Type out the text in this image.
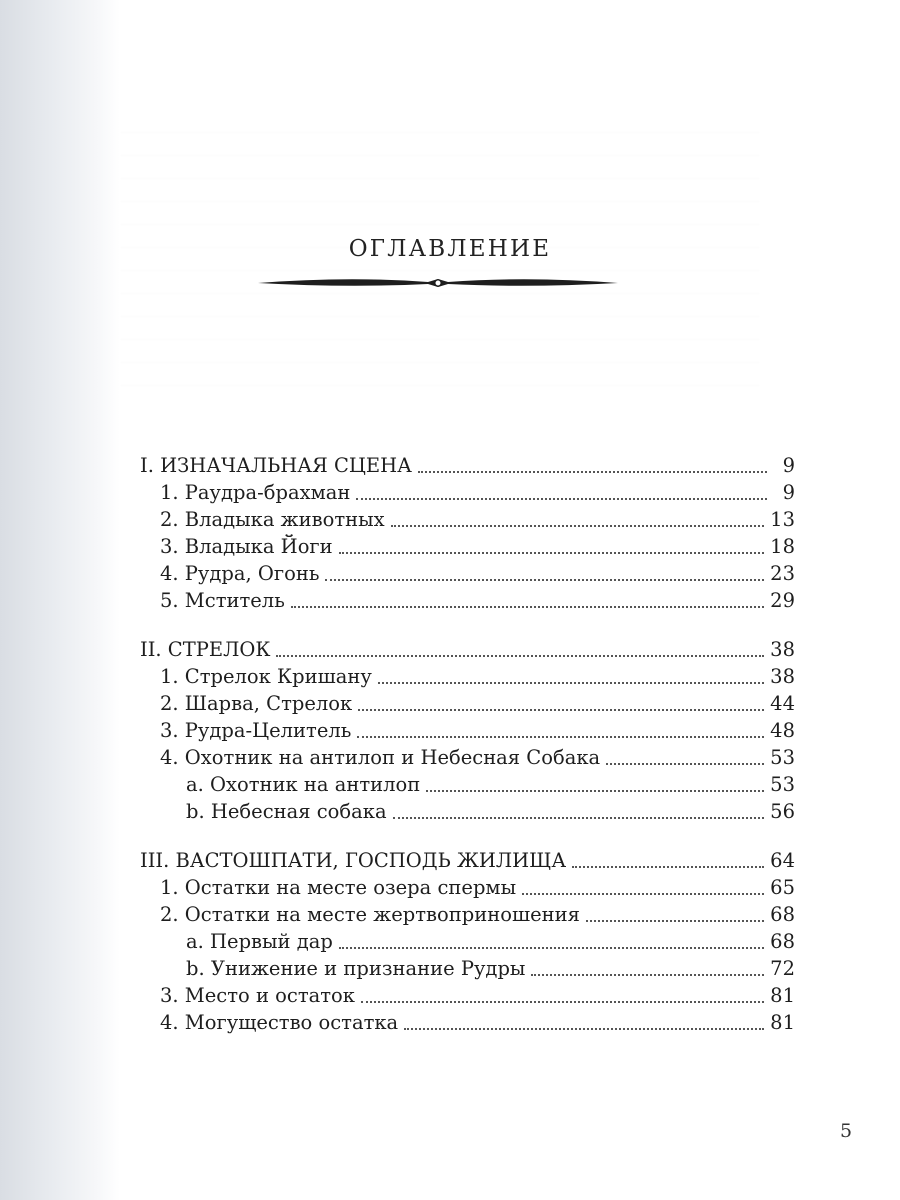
ОГЛАВЛЕНИЕ
I. ИЗНАЧАЛЬНАЯ СЦЕНА	9
1. Раудра-брахман	9
2. Владыка животных	13
3. Владыка Йоги	18
4. Рудра, Огонь	23
5. Мститель	29
II. СТРЕЛОК	38
1. Стрелок Кришану	38
2. Шарва, Стрелок	44
3. Рудра-Целитель	48
4. Охотник на антилоп и Небесная Собака	53
a. Охотник на антилоп	53
b. Небесная собака	56
III. ВАСТОШПАТИ, ГОСПОДЬ ЖИЛИЩА	64
1. Остатки на месте озера спермы	65
2. Остатки на месте жертвоприношения	68
a. Первый дар	68
b. Унижение и признание Рудры	72
3. Место и остаток	81
4. Могущество остатка	81
5
